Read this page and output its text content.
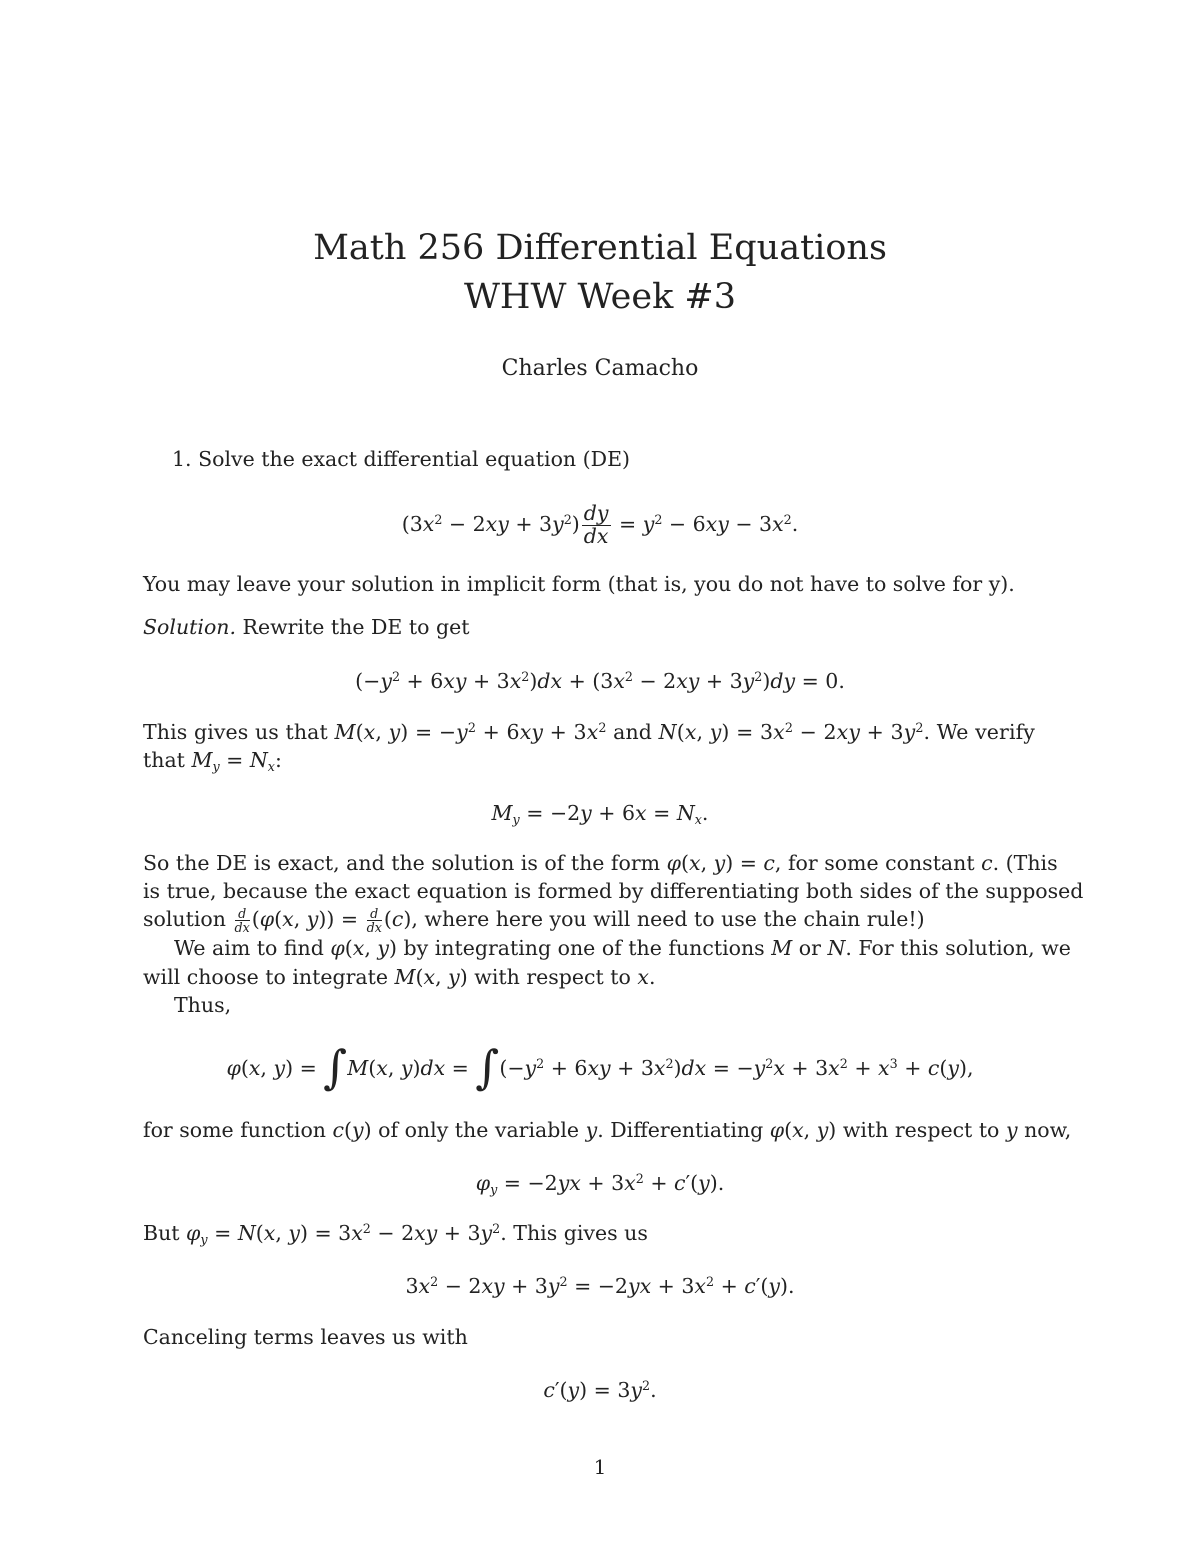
Math 256 Differential Equations
WHW Week #3
Charles Camacho
1. Solve the exact differential equation (DE)
$(3x^2 - 2xy + 3y^2) \frac{dy}{dx} = y^2 - 6xy - 3x^2$.
You may leave your solution in implicit form (that is, you do not have to solve for y).
Solution. Rewrite the DE to get
$(-y^2 + 6xy + 3x^2)dx + (3x^2 - 2xy + 3y^2)dy = 0$.
This gives us that M(x, $y) = -y^2 + 6xy + 3x^2$ and N(x, $y) = 3x^2 - 2xy + 3y^2$. We verify
that $M_y = N_x$:
$M_y = -2y + 6x = N_x$.
So the DE is exact, and the solution is of the form φ(x, y) = c, for some constant c. (This
is true, because the exact equation is formed by differentiating both sides of the supposed
solution $\frac{d}{dx} (\varphi(x$, $y)) = \frac{d}{dx} (c)$, where here you will need to use the chain rule!)
We aim to find φ(x, y) by integrating one of the functions M or N. For this solution, we
will choose to integrate M(x, y) with respect to x.
Thus,
φ(x, y) = ∫M(x, $y)dx = \int(-y^2 + 6xy + 3x^2)dx = -y^2x + 3x^2 + x^3 + c(y)$,
for some function c(y) of only the variable y. Differentiating φ(x, y) with respect to y now,
$\varphi_y = -2yx + 3x^2 + c'(y)$.
But $\varphi_y = N(x$, $y) = 3x^2 - 2xy + 3y^2$. This gives us
$3x^2 - 2xy + 3y^2 = -2yx + 3x^2 + c'(y)$.
Canceling terms leaves us with
$c'(y) = 3y^2$.
1
